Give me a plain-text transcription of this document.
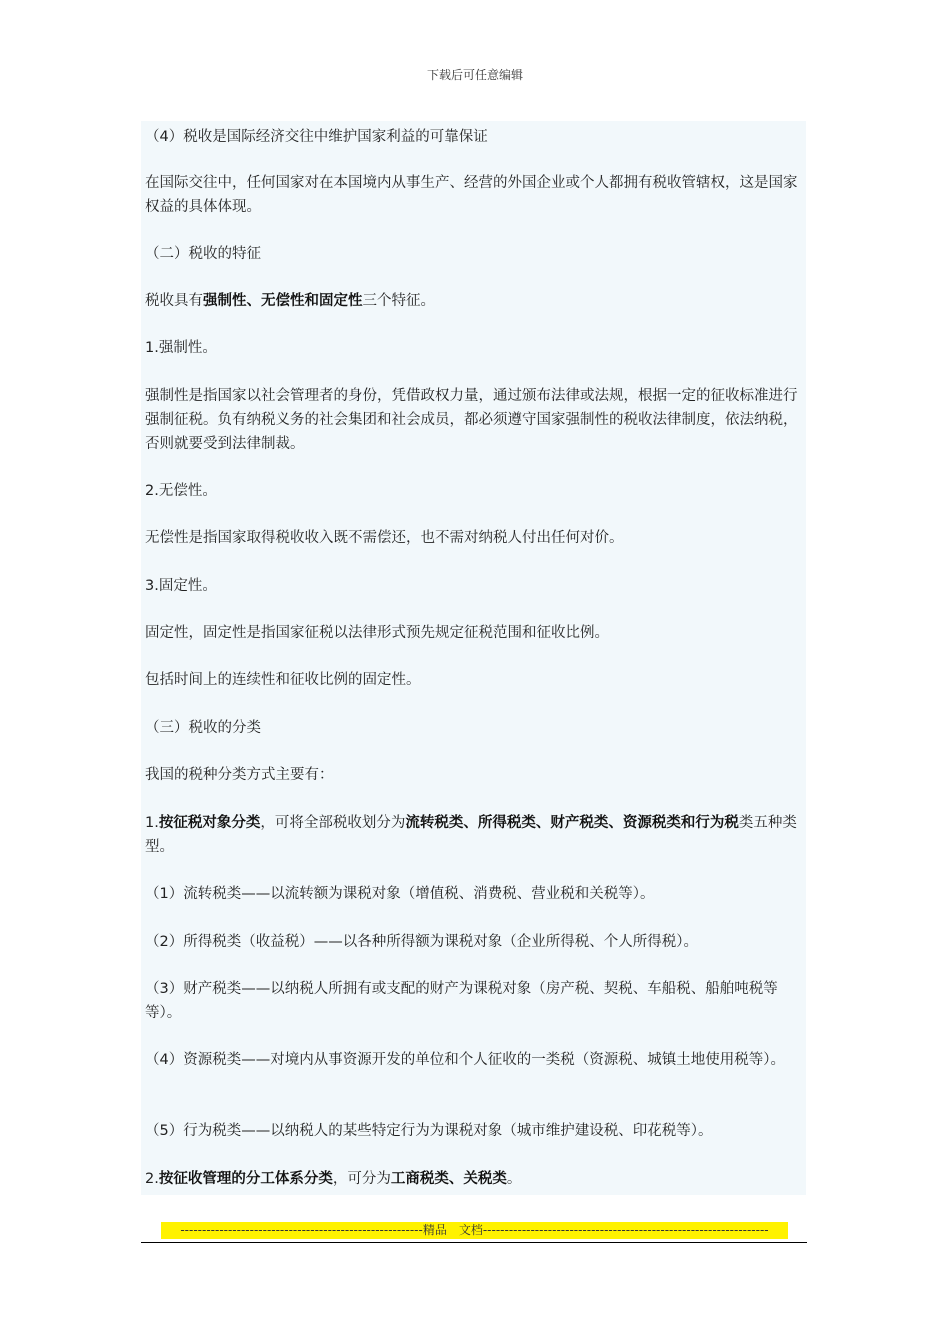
下载后可任意编辑
（4）税收是国际经济交往中维护国家利益的可靠保证
在国际交往中，任何国家对在本国境内从事生产、经营的外国企业或个人都拥有税收管辖权，这是国家权益的具体体现。
（二）税收的特征
税收具有强制性、无偿性和固定性三个特征。
1.强制性。
强制性是指国家以社会管理者的身份，凭借政权力量，通过颁布法律或法规，根据一定的征收标准进行强制征税。负有纳税义务的社会集团和社会成员，都必须遵守国家强制性的税收法律制度，依法纳税，否则就要受到法律制裁。
2.无偿性。
无偿性是指国家取得税收收入既不需偿还，也不需对纳税人付出任何对价。
3.固定性。
固定性，固定性是指国家征税以法律形式预先规定征税范围和征收比例。
包括时间上的连续性和征收比例的固定性。
（三）税收的分类
我国的税种分类方式主要有：
1.按征税对象分类，可将全部税收划分为流转税类、所得税类、财产税类、资源税类和行为税类五种类型。
（1）流转税类——以流转额为课税对象（增值税、消费税、营业税和关税等）。
（2）所得税类（收益税）——以各种所得额为课税对象（企业所得税、个人所得税）。
（3）财产税类——以纳税人所拥有或支配的财产为课税对象（房产税、契税、车船税、船舶吨税等等）。
（4）资源税类——对境内从事资源开发的单位和个人征收的一类税（资源税、城镇土地使用税等）。
（5）行为税类——以纳税人的某些特定行为为课税对象（城市维护建设税、印花税等）。
2.按征收管理的分工体系分类，可分为工商税类、关税类。
--------------------------------------------------------精品　文档------------------------------------------------------------------
